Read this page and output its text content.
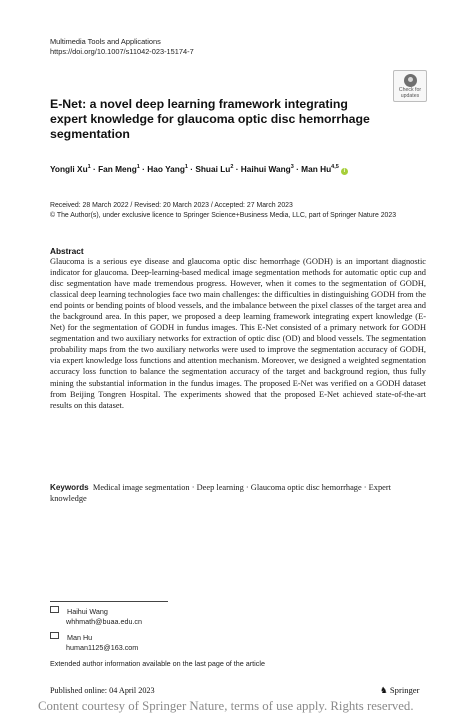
Multimedia Tools and Applications
https://doi.org/10.1007/s11042-023-15174-7
Check for
updates
E-Net: a novel deep learning framework integrating expert knowledge for glaucoma optic disc hemorrhage segmentation
Yongli $Xu^1$ · Fan Meng$^1$ · Hao Yang$^1$ · Shuai $Lu^2$ · Haihui Wang$^3$ · Man Hu$^{4,5}$i
Received: 28 March 2022 / Revised: 20 March 2023 / Accepted: 27 March 2023
© The Author(s), under exclusive licence to Springer Science+Business Media, LLC, part of Springer Nature 2023
Abstract
Glaucoma is a serious eye disease and glaucoma optic disc hemorrhage (GODH) is an important diagnostic indicator for glaucoma. Deep-learning-based medical image segmentation methods for automatic optic cup and disc segmentation have made tremendous progress. However, when it comes to the segmentation of GODH, classical deep learning technologies face two main challenges: the difficulties in distinguishing GODH from the end points or bending points of blood vessels, and the imbalance between the pixel classes of the target area and the background area. In this paper, we proposed a deep learning framework integrating expert knowledge (E-Net) for the segmentation of GODH in fundus images. This E-Net consisted of a primary network for GODH segmentation and two auxiliary networks for extraction of optic disc (OD) and blood vessels. The segmentation probability maps from the two auxiliary networks were used to improve the segmentation accuracy of GODH, via expert knowledge loss functions and attention mechanism. Moreover, we designed a weighted segmentation accuracy loss function to balance the segmentation accuracy of the target and background region, thus fully mining the substantial information in the fundus images. The proposed E-Net was verified on a GODH dataset from Beijing Tongren Hospital. The experiments showed that the proposed E-Net achieved state-of-the-art results on this dataset.
Keywords Medical image segmentation · Deep learning · Glaucoma optic disc hemorrhage · Expert knowledge
Haihui Wang
whhmath@buaa.edu.cn
Man Hu
human1125@163.com
Extended author information available on the last page of the article
Published online: 04 April 2023	♞ Springer
Content courtesy of Springer Nature, terms of use apply. Rights reserved.
